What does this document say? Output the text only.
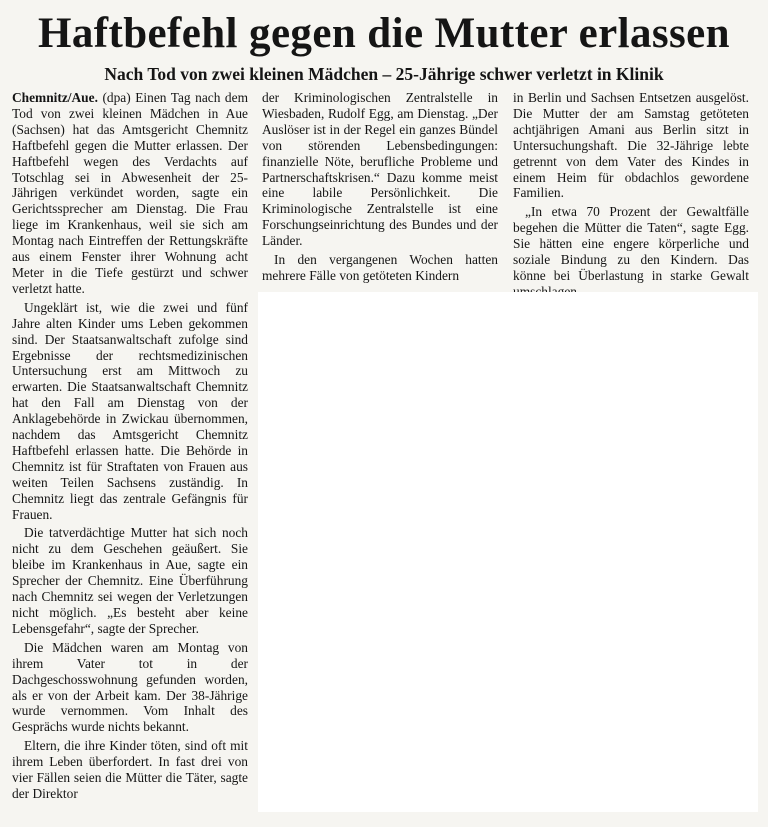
Haftbefehl gegen die Mutter erlassen
Nach Tod von zwei kleinen Mädchen – 25-Jährige schwer verletzt in Klinik

Chemnitz/Aue. (dpa) Einen Tag nach dem Tod von zwei kleinen Mädchen in Aue (Sachsen) hat das Amtsgericht Chemnitz Haftbefehl gegen die Mutter erlassen. Der Haftbefehl wegen des Verdachts auf Totschlag sei in Abwesenheit der 25-Jährigen verkündet worden, sagte ein Gerichtssprecher am Dienstag. Die Frau liege im Krankenhaus, weil sie sich am Montag nach Eintreffen der Rettungskräfte aus einem Fenster ihrer Wohnung acht Meter in die Tiefe gestürzt und schwer verletzt hatte.

Ungeklärt ist, wie die zwei und fünf Jahre alten Kinder ums Leben gekommen sind. Der Staatsanwaltschaft zufolge sind Ergebnisse der rechtsmedizinischen Untersuchung erst am Mittwoch zu erwarten. Die Staatsanwaltschaft Chemnitz hat den Fall am Dienstag von der Anklagebehörde in Zwickau übernommen, nachdem das Amtsgericht Chemnitz Haftbefehl erlassen hatte. Die Behörde in Chemnitz ist für Straftaten von Frauen aus weiten Teilen Sachsens zuständig. In Chemnitz liegt das zentrale Gefängnis für Frauen.

Die tatverdächtige Mutter hat sich noch nicht zu dem Geschehen geäußert. Sie bleibe im Krankenhaus in Aue, sagte ein Sprecher der Chemnitz. Eine Überführung nach Chemnitz sei wegen der Verletzungen nicht möglich. „Es besteht aber keine Lebensgefahr“, sagte der Sprecher.

Die Mädchen waren am Montag von ihrem Vater tot in der Dachgeschosswohnung gefunden worden, als er von der Arbeit kam. Der 38-Jährige wurde vernommen. Vom Inhalt des Gesprächs wurde nichts bekannt.

Eltern, die ihre Kinder töten, sind oft mit ihrem Leben überfordert. In fast drei von vier Fällen seien die Mütter die Täter, sagte der Direktor

der Kriminologischen Zentralstelle in Wiesbaden, Rudolf Egg, am Dienstag. „Der Auslöser ist in der Regel ein ganzes Bündel von störenden Lebensbedingungen: finanzielle Nöte, berufliche Probleme und Partnerschaftskrisen.“ Dazu komme meist eine labile Persönlichkeit. Die Kriminologische Zentralstelle ist eine Forschungseinrichtung des Bundes und der Länder.

In den vergangenen Wochen hatten mehrere Fälle von getöteten Kindern

in Berlin und Sachsen Entsetzen ausgelöst. Die Mutter der am Samstag getöteten achtjährigen Amani aus Berlin sitzt in Untersuchungshaft. Die 32-Jährige lebte getrennt von dem Vater des Kindes in einem Heim für obdachlos gewordene Familien.

„In etwa 70 Prozent der Gewaltfälle begehen die Mütter die Taten“, sagte Egg. Sie hätten eine engere körperliche und soziale Bindung zu den Kindern. Das könne bei Überlastung in starke Gewalt
